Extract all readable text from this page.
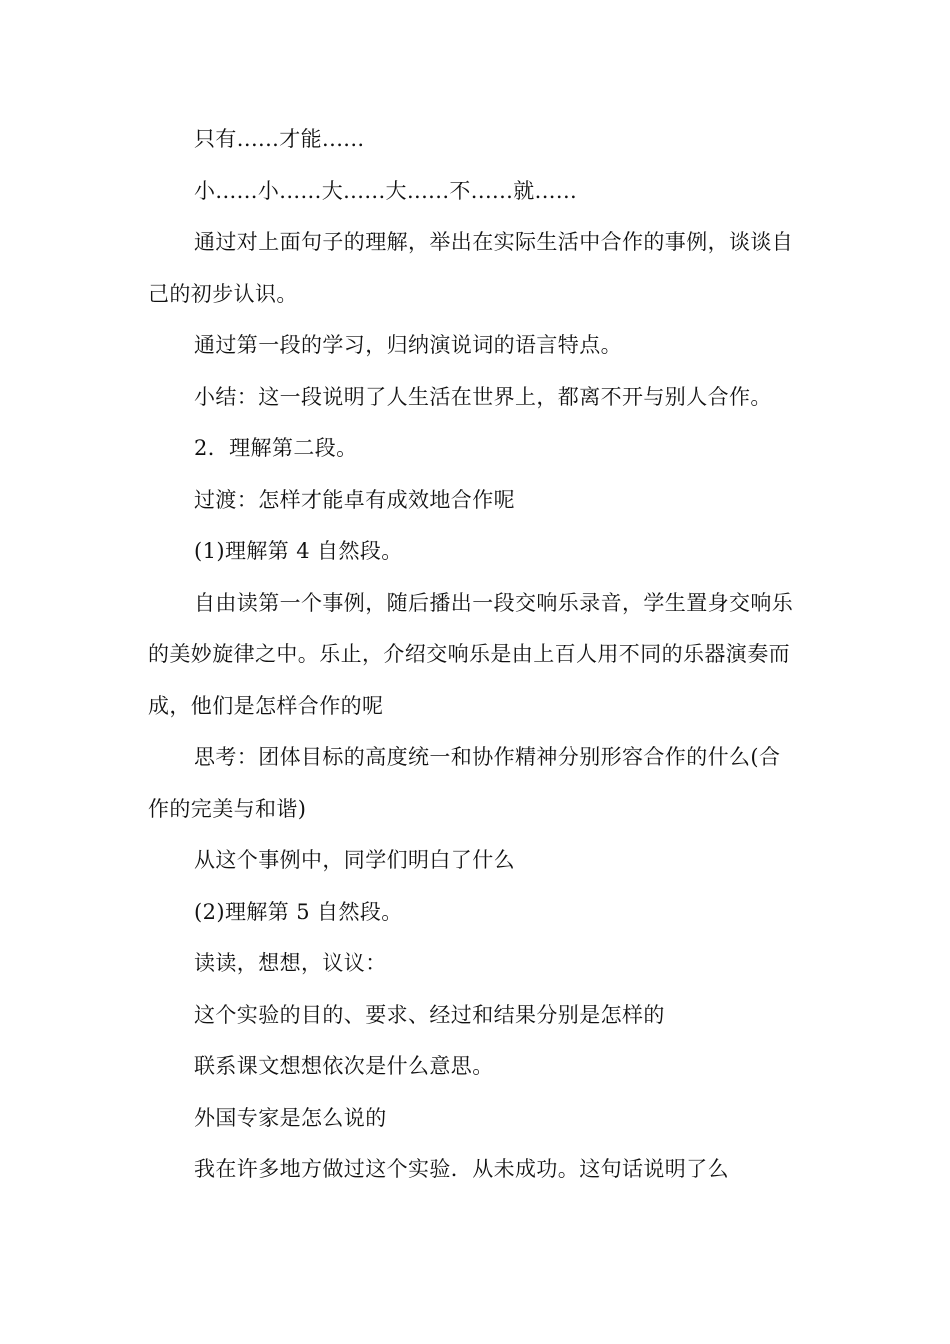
只有......才能......

小......小......大......大......不......就......

通过对上面句子的理解，举出在实际生活中合作的事例，谈谈自己的初步认识。

通过第一段的学习，归纳演说词的语言特点。

小结：这一段说明了人生活在世界上，都离不开与别人合作。

2．理解第二段。

过渡：怎样才能卓有成效地合作呢

(1)理解第 4 自然段。

自由读第一个事例，随后播出一段交响乐录音，学生置身交响乐的美妙旋律之中。乐止，介绍交响乐是由上百人用不同的乐器演奏而成，他们是怎样合作的呢

思考：团体目标的高度统一和协作精神分别形容合作的什么(合作的完美与和谐)

从这个事例中，同学们明白了什么

(2)理解第 5 自然段。

读读，想想，议议：

这个实验的目的、要求、经过和结果分别是怎样的

联系课文想想依次是什么意思。

外国专家是怎么说的

我在许多地方做过这个实验．从未成功。这句话说明了么
